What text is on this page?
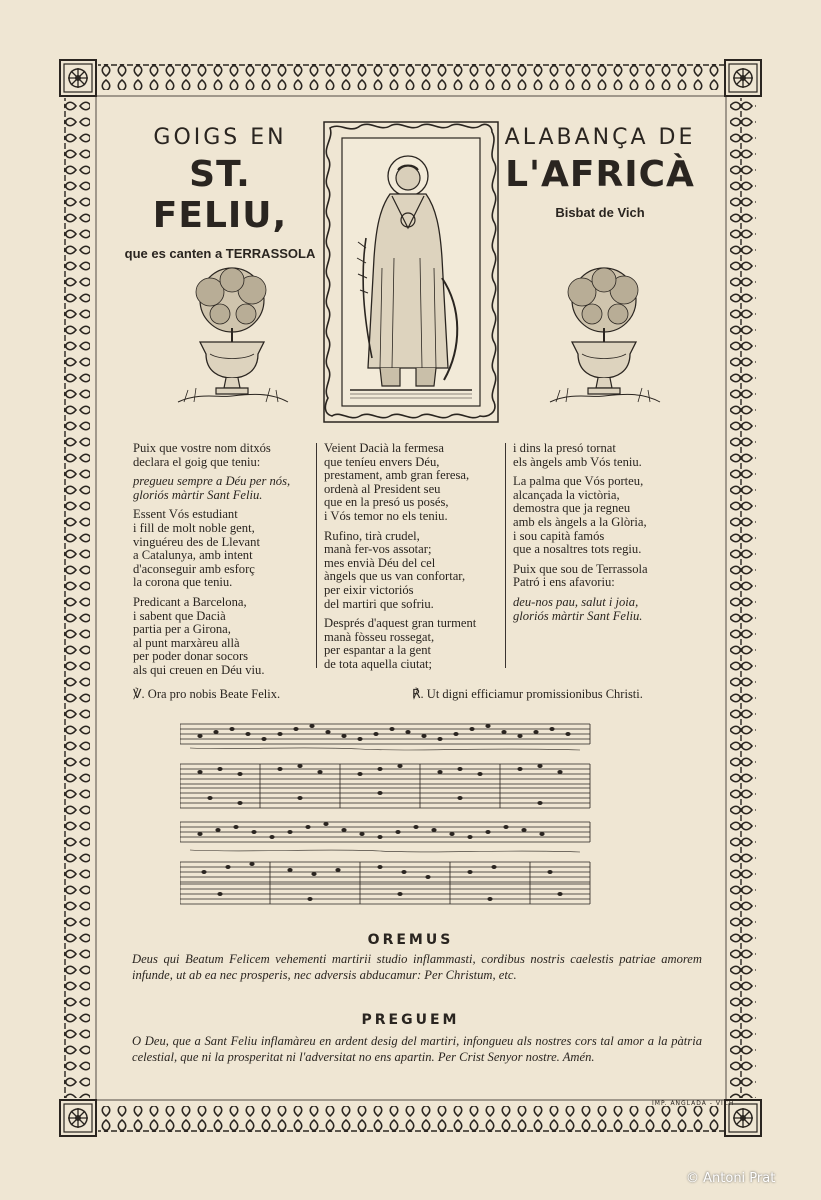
GOIGS EN
ST. FELIU,
que es canten a TERRASSOLA
ALABANÇA DE
L'AFRICÀ
Bisbat de Vich

Puix que vostre nom ditxós
declara el goig que teniu:

pregueu sempre a Déu per nós,
gloriós màrtir Sant Feliu.

Essent Vós estudiant
i fill de molt noble gent,
vinguéreu des de Llevant
a Catalunya, amb intent
d'aconseguir amb esforç
la corona que teniu.

Predicant a Barcelona,
i sabent que Dacià
partia per a Girona,
al punt marxàreu allà
per poder donar socors
als qui creuen en Déu viu.

Veient Dacià la fermesa
que teníeu envers Déu,
prestament, amb gran feresa,
ordenà al President seu
que en la presó us posés,
i Vós temor no els teniu.

Rufino, tirà crudel,
manà fer-vos assotar;
mes envià Déu del cel
àngels que us van confortar,
per eixir victoriós
del martiri que sofriu.

Després d'aquest gran turment
manà fòsseu rossegat,
per espantar a la gent
de tota aquella ciutat;

i dins la presó tornat
els àngels amb Vós teniu.

La palma que Vós porteu,
alcançada la victòria,
demostra que ja regneu
amb els àngels a la Glòria,
i sou capità famós
que a nosaltres tots regiu.

Puix que sou de Terrassola
Patró i ens afavoriu:

deu-nos pau, salut i joia,
gloriós màrtir Sant Feliu.

℣. Ora pro nobis Beate Felix.	℟. Ut digni efficiamur promissionibus Christi.
OREMUS
Deus qui Beatum Felicem vehementi martirii studio inflammasti, cordibus nostris caelestis patriae amorem infunde, ut ab ea nec prosperis, nec adversis abducamur: Per Christum, etc.
PREGUEM
O Deu, que a Sant Feliu inflamàreu en ardent desig del martiri, infongueu als nostres cors tal amor a la pàtria celestial, que ni la prosperitat ni l'adversitat no ens apartin. Per Crist Senyor nostre. Amén.
IMP. ANGLADA - VICH
© Antoni Prat
